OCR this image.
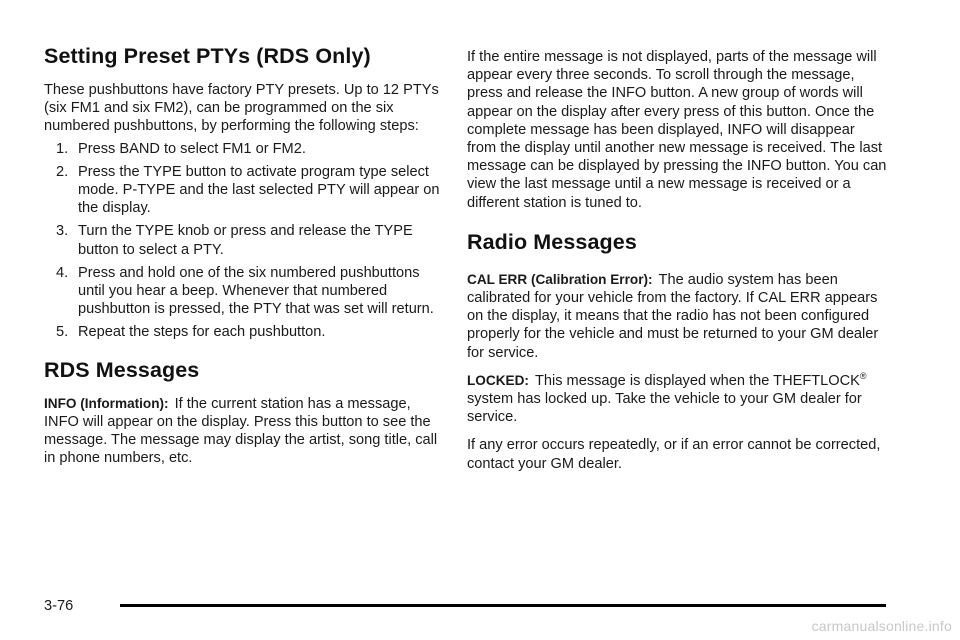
Setting Preset PTYs (RDS Only)

These pushbuttons have factory PTY presets. Up to 12 PTYs (six FM1 and six FM2), can be programmed on the six numbered pushbuttons, by performing the following steps:

1. Press BAND to select FM1 or FM2.
2. Press the TYPE button to activate program type select mode. P-TYPE and the last selected PTY will appear on the display.
3. Turn the TYPE knob or press and release the TYPE button to select a PTY.
4. Press and hold one of the six numbered pushbuttons until you hear a beep. Whenever that numbered pushbutton is pressed, the PTY that was set will return.
5. Repeat the steps for each pushbutton.
RDS Messages

INFO (Information): If the current station has a message, INFO will appear on the display. Press this button to see the message. The message may display the artist, song title, call in phone numbers, etc.

If the entire message is not displayed, parts of the message will appear every three seconds. To scroll through the message, press and release the INFO button. A new group of words will appear on the display after every press of this button. Once the complete message has been displayed, INFO will disappear from the display until another new message is received. The last message can be displayed by pressing the INFO button. You can view the last message until a new message is received or a different station is tuned to.

Radio Messages

CAL ERR (Calibration Error): The audio system has been calibrated for your vehicle from the factory. If CAL ERR appears on the display, it means that the radio has not been configured properly for the vehicle and must be returned to your GM dealer for service.

LOCKED: This message is displayed when the THEFTLOCK® system has locked up. Take the vehicle to your GM dealer for service.

If any error occurs repeatedly, or if an error cannot be corrected, contact your GM dealer.

3-76
carmanualsonline.info
